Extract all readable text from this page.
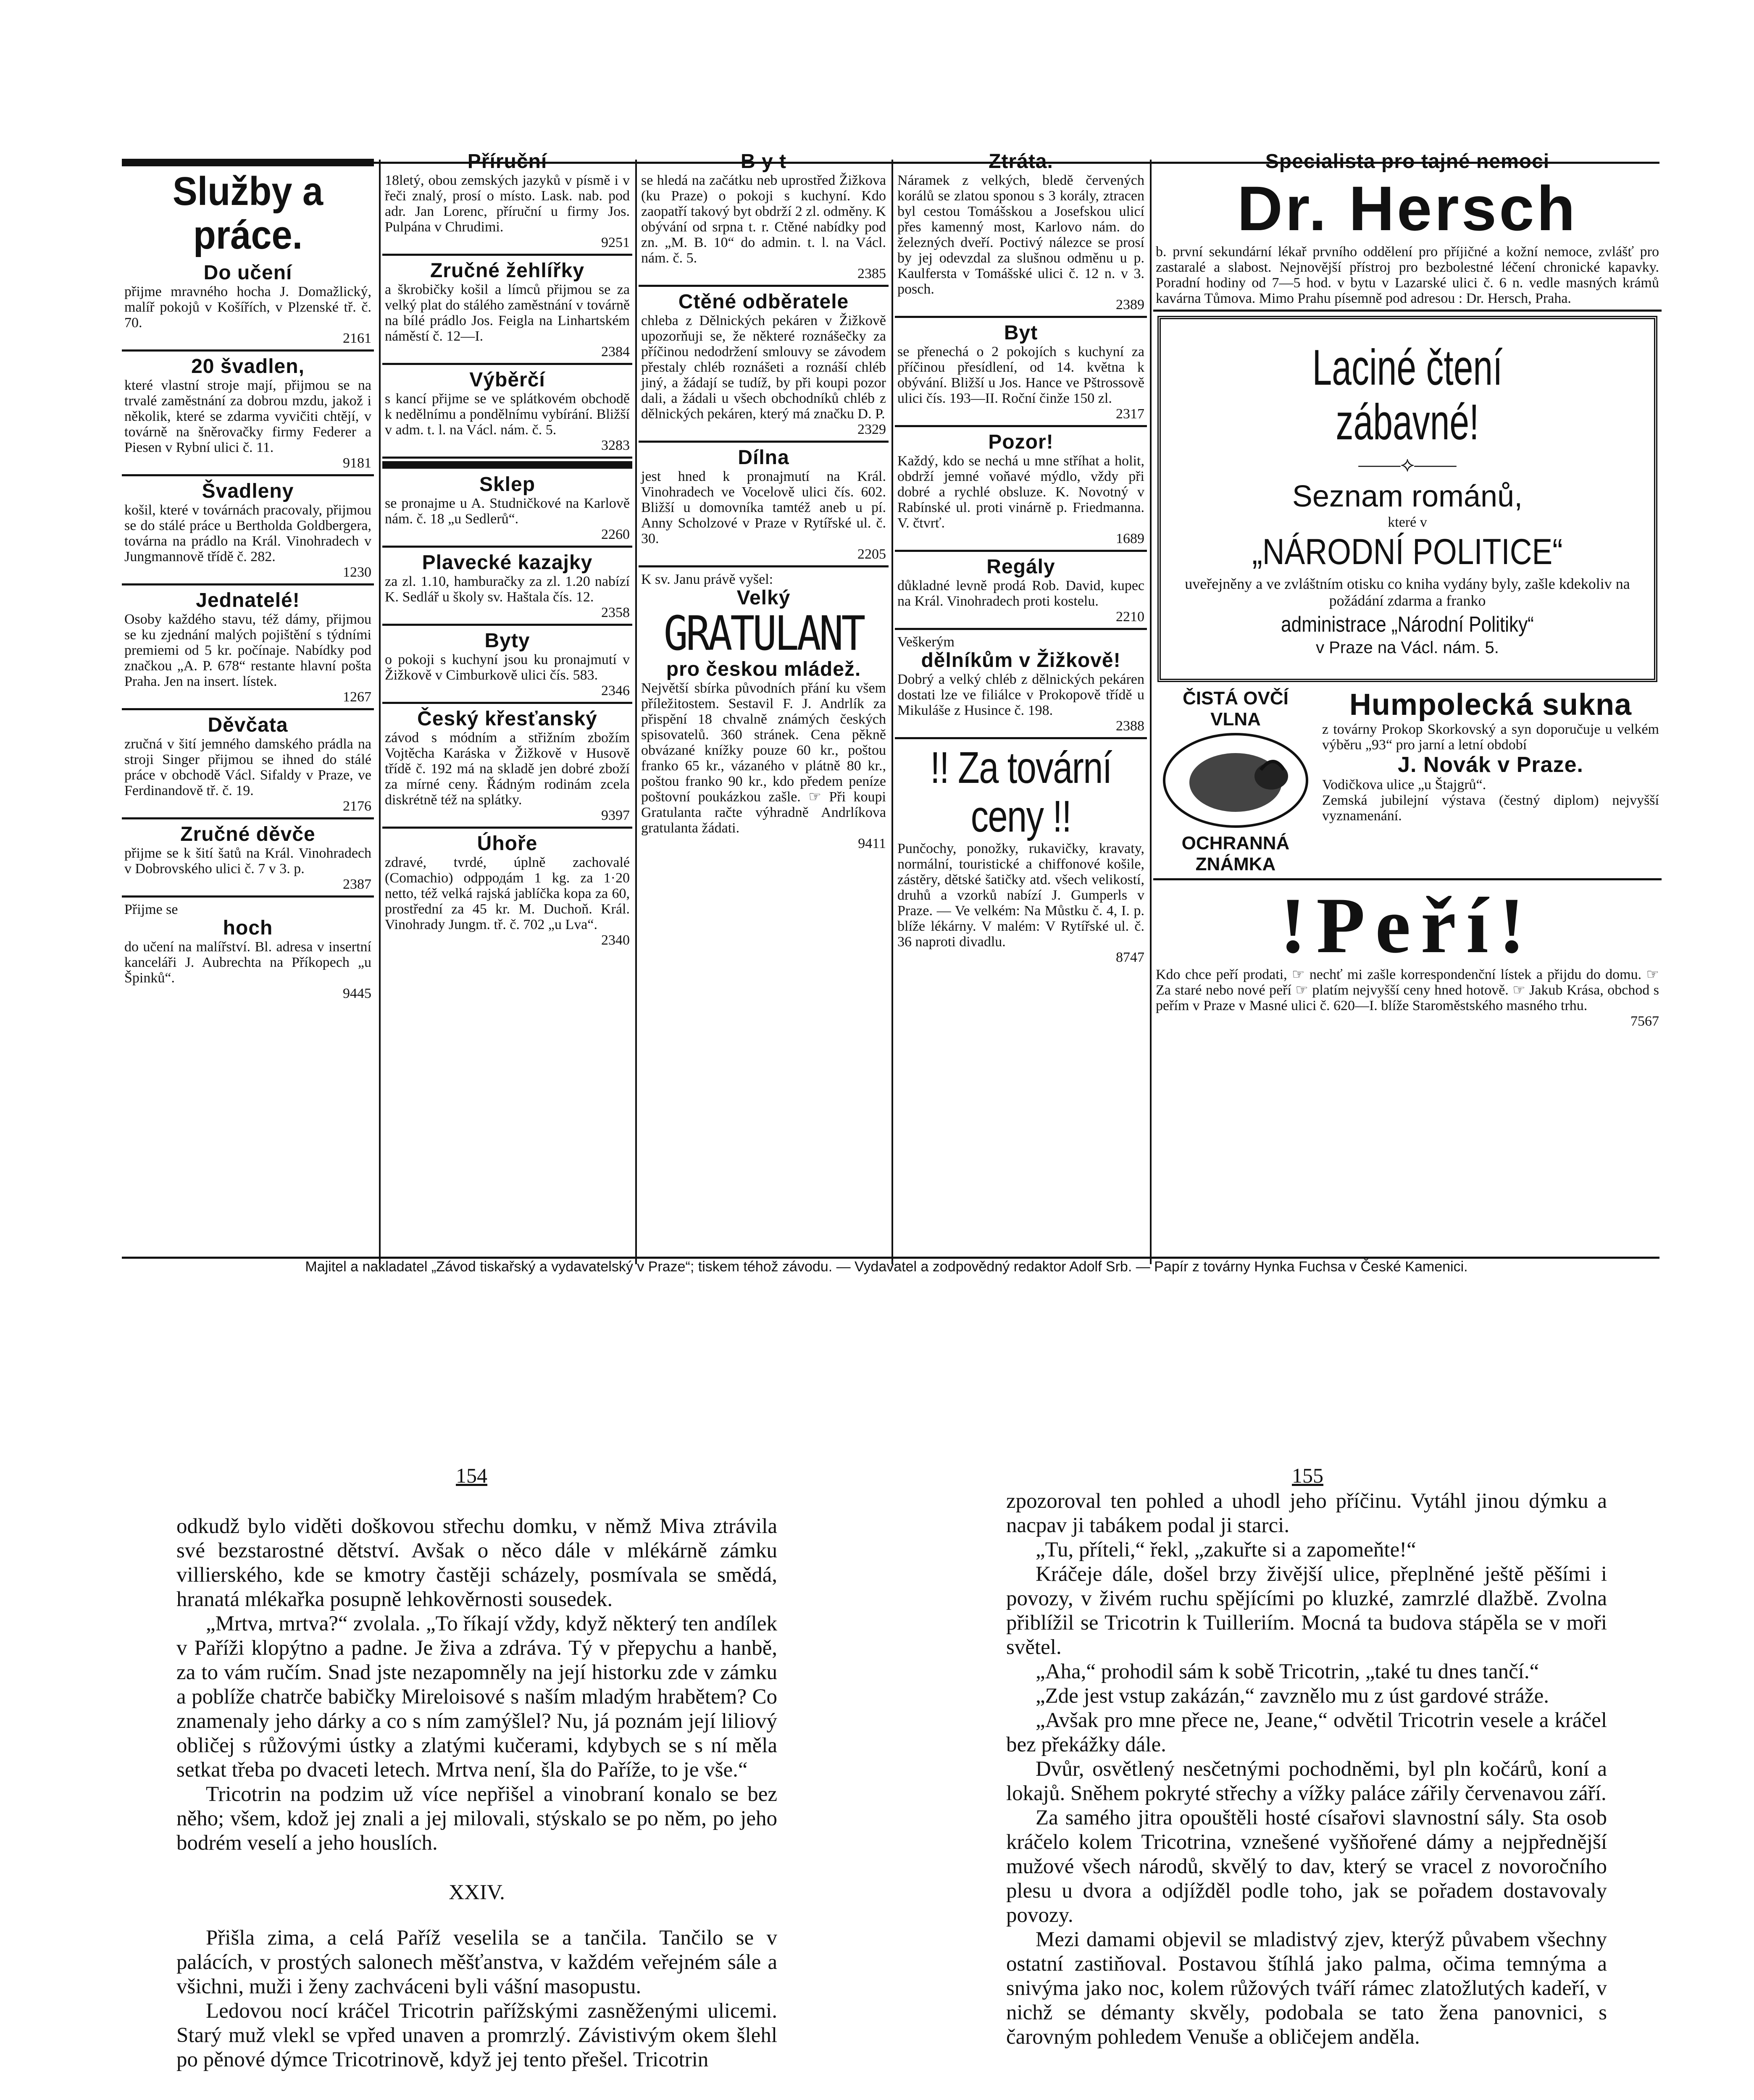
Služby a práce.
Do učení

přijme mravného hocha J. Domažlický, malíř pokojů v Košířích, v Plzenské tř. č. 70.

2161

20 švadlen,

které vlastní stroje mají, přijmou se na trvalé zaměstnání za dobrou mzdu, jakož i několik, které se zdarma vyvičiti chtějí, v továrně na šněrovačky firmy Federer a Piesen v Rybní ulici č. 11.

9181

Švadleny

košil, které v továrnách pracovaly, přijmou se do stálé práce u Bertholda Goldbergera, továrna na prádlo na Král. Vinohradech v Jungmannově třídě č. 282.

1230

Jednatelé!

Osoby každého stavu, též dámy, přijmou se ku zjednání malých pojištění s týdními premiemi od 5 kr. počínaje. Nabídky pod značkou „A. P. 678“ restante hlavní pošta Praha. Jen na insert. lístek.

1267

Děvčata

zručná v šití jemného damského prádla na stroji Singer přijmou se ihned do stálé práce v obchodě Václ. Sifaldy v Praze, ve Ferdinandově tř. č. 19.

2176

Zručné děvče

přijme se k šití šatů na Král. Vinohradech v Dobrovského ulici č. 7 v 3. p.

2387

Přijme se

hoch

do učení na malířství. Bl. adresa v insertní kanceláři J. Aubrechta na Příkopech „u Špinků“.

9445

Příruční

18letý, obou zemských jazyků v písmě i v řeči znalý, prosí o místo. Lask. nab. pod adr. Jan Lorenc, příruční u firmy Jos. Pulpána v Chrudimi.

9251

Zručné žehlířky

a škrobičky košil a límců přijmou se za velký plat do stálého zaměstnání v továrně na bílé prádlo Jos. Feigla na Linhartském náměstí č. 12—I.

2384

Výběrčí

s kancí přijme se ve splátkovém obchodě k nedělnímu a pondělnímu vybírání. Bližší v adm. t. l. na Václ. nám. č. 5.

3283

Sklep

se pronajme u A. Studničkové na Karlově nám. č. 18 „u Sedlerů“.

2260

Plavecké kazajky

za zl. 1.10, hamburačky za zl. 1.20 nabízí K. Sedlář u školy sv. Haštala čís. 12.

2358

Byty

o pokoji s kuchyní jsou ku pronajmutí v Žižkově v Cimburkově ulici čís. 583.

2346

Český křesťanský

závod s módním a střižním zbožím Vojtěcha Karáska v Žižkově v Husově třídě č. 192 má na skladě jen dobré zboží za mírné ceny. Řádným rodinám zcela diskrétně též na splátky.

9397

Úhoře

zdravé, tvrdé, úplně zachovalé (Comachio) odpродám 1 kg. za 1·20 netto, též velká rajská jablíčka kopa za 60, prostřední za 45 kr. M. Duchoň. Král. Vinohrady Jungm. tř. č. 702 „u Lva“.

2340

B y t

se hledá na začátku neb uprostřed Žižkova (ku Praze) o pokoji s kuchyní. Kdo zaopatří takový byt obdrží 2 zl. odměny. K obývání od srpna t. r. Ctěné nabídky pod zn. „M. B. 10“ do admin. t. l. na Václ. nám. č. 5.

2385

Ctěné odběratele

chleba z Dělnických pekáren v Žižkově upozorňuji se, že některé roznášečky za příčinou nedodržení smlouvy se závodem přestaly chléb roznášeti a roznáší chléb jiný, a žádají se tudíž, by při koupi pozor dali, a žádali u všech obchodníků chléb z dělnických pekáren, který má značku D. P.

2329

Dílna

jest hned k pronajmutí na Král. Vinohradech ve Vocelově ulici čís. 602. Bližší u domovníka tamtéž aneb u pí. Anny Scholzové v Praze v Rytířské ul. č. 30.

2205

K sv. Janu právě vyšel:

Velký
GRATULANT
pro českou mládež.

Největší sbírka původních přání ku všem příležitostem. Sestavil F. J. Andrlík za přispění 18 chvalně známých českých spisovatelů. 360 stránek. Cena pěkně obvázané knížky pouze 60 kr., poštou franko 65 kr., vázaného v plátně 80 kr., poštou franko 90 kr., kdo předem peníze poštovní poukázkou zašle. ☞ Při koupi Gratulanta račte výhradně Andrlíkova gratulanta žádati.

9411

Ztráta.

Náramek z velkých, bledě červených korálů se zlatou sponou s 3 korály, ztracen byl cestou Tomášskou a Josefskou ulicí přes kamenný most, Karlovo nám. do železných dveří. Poctivý nálezce se prosí by jej odevzdal za slušnou odměnu u p. Kaulfersta v Tomášské ulici č. 12 n. v 3. posch.

2389

Byt

se přenechá o 2 pokojích s kuchyní za příčinou přesídlení, od 14. května k obývání. Bližší u Jos. Hance ve Pštrossově ulici čís. 193—II. Roční činže 150 zl.

2317

Pozor!

Každý, kdo se nechá u mne stříhat a holit, obdrží jemné voňavé mýdlo, vždy při dobré a rychlé obsluze. K. Novotný v Rabínské ul. proti vinárně p. Friedmanna. V. čtvrť.

1689

Regály

důkladné levně prodá Rob. David, kupec na Král. Vinohradech proti kostelu.

2210

Veškerým

dělníkům v Žižkově!

Dobrý a velký chléb z dělnických pekáren dostati lze ve filiálce v Prokopově třídě u Mikuláše z Husince č. 198.

2388

!! Za tovární ceny !!

Punčochy, ponožky, rukavičky, kravaty, normální, touristické a chiffonové košile, zástěry, dětské šatičky atd. všech velikostí, druhů a vzorků nabízí J. Gumperls v Praze. — Ve velkém: Na Můstku č. 4, I. p. blíže lékárny. V malém: V Rytířské ul. č. 36 naproti divadlu.

8747

Specialista pro tajné nemoci
Dr. Hersch

b. první sekundární lékař prvního oddělení pro příjičné a kožní nemoce, zvlášť pro zastaralé a slabost. Nejnovější přístroj pro bezbolestné léčení chronické kapavky. Poradní hodiny od 7—5 hod. v bytu v Lazarské ulici č. 6 n. vedle masných krámů kavárna Tůmova. Mimo Prahu písemně pod adresou : Dr. Hersch, Praha.

Laciné čtení zábavné!
——⟡——
Seznam románů,
které v
„NÁRODNÍ POLITICE“

uveřejněny a ve zvláštním otisku co kniha vydány byly, zašle kdekoliv na požádání zdarma a franko

administrace „Národní Politiky“
v Praze na Václ. nám. 5.
ČISTÁ OVČÍ VLNA
OCHRANNÁ ZNÁMKA
Humpolecká sukna

z továrny Prokop Skorkovský a syn doporučuje u velkém výběru „93“ pro jarní a letní období

J. Novák v Praze.

Vodičkova ulice „u Štajgrů“.

Zemská jubilejní výstava (čestný diplom) nejvyšší vyznamenání.

!Peří!

Kdo chce peří prodati, ☞ nechť mi zašle korrespondenční lístek a přijdu do domu. ☞ Za staré nebo nové peří ☞ platím nejvyšší ceny hned hotově. ☞ Jakub Krása, obchod s peřím v Praze v Masné ulici č. 620—I. blíže Staroměstského masného trhu.

7567

Majitel a nakladatel „Závod tiskařský a vydavatelský v Praze“; tiskem téhož závodu. — Vydavatel a zodpovědný redaktor Adolf Srb. — Papír z továrny Hynka Fuchsa v České Kamenici.
154	155

odkudž bylo viděti doškovou střechu domku, v němž Miva ztrávila své bezstarostné dětství. Avšak o něco dále v mlékárně zámku villierského, kde se kmotry častěji scházely, posmívala se smědá, hranatá mlékařka posupně lehkověrnosti sousedek.

„Mrtva, mrtva?“ zvolala. „To říkají vždy, když některý ten andílek v Paříži klopýtno a padne. Je živa a zdráva. Tý v přepychu a hanbě, za to vám ručím. Snad jste nezapomněly na její historku zde v zámku a poblíže chatrče babičky Mireloisové s naším mladým hrabětem? Co znamenaly jeho dárky a co s ním zamýšlel? Nu, já poznám její liliový obličej s růžovými ústky a zlatými kučerami, kdybych se s ní měla setkat třeba po dvaceti letech. Mrtva není, šla do Paříže, to je vše.“

Tricotrin na podzim už více nepřišel a vinobraní konalo se bez něho; všem, kdož jej znali a jej milovali, stýskalo se po něm, po jeho bodrém veselí a jeho houslích.

XXIV.

Přišla zima, a celá Paříž veselila se a tančila. Tančilo se v palácích, v prostých salonech měšťanstva, v každém veřejném sále a všichni, muži i ženy zachváceni byli vášní masopustu.

Ledovou nocí kráčel Tricotrin pařížskými zasněženými ulicemi. Starý muž vlekl se vpřed unaven a promrzlý. Závistivým okem šlehl po pěnové dýmce Tricotrinově, když jej tento přešel. Tricotrin

zpozoroval ten pohled a uhodl jeho příčinu. Vytáhl jinou dýmku a nacpav ji tabákem podal ji starci.

„Tu, příteli,“ řekl, „zakuřte si a zapomeňte!“

Kráčeje dále, došel brzy živější ulice, přeplněné ještě pěšími i povozy, v živém ruchu spějícími po kluzké, zamrzlé dlažbě. Zvolna přiblížil se Tricotrin k Tuilleriím. Mocná ta budova stápěla se v moři světel.

„Aha,“ prohodil sám k sobě Tricotrin, „také tu dnes tančí.“

„Zde jest vstup zakázán,“ zavznělo mu z úst gardové stráže.

„Avšak pro mne přece ne, Jeane,“ odvětil Tricotrin vesele a kráčel bez překážky dále.

Dvůr, osvětlený nesčetnými pochodněmi, byl pln kočárů, koní a lokajů. Sněhem pokryté střechy a vížky paláce zářily červenavou září.

Za samého jitra opouštěli hosté císařovi slavnostní sály. Sta osob kráčelo kolem Tricotrina, vznešené vyšňořené dámy a nejpřednější mužové všech národů, skvělý to dav, který se vracel z novoročního plesu u dvora a odjížděl podle toho, jak se pořadem dostavovaly povozy.

Mezi damami objevil se mladistvý zjev, kterýž půvabem všechny ostatní zastiňoval. Postavou štíhlá jako palma, očima temnýma a snivýma jako noc, kolem růžových tváří rámec zlatožlutých kadeří, v nichž se démanty skvěly, podobala se tato žena panovnici, s čarovným pohledem Venuše a obličejem anděla.
